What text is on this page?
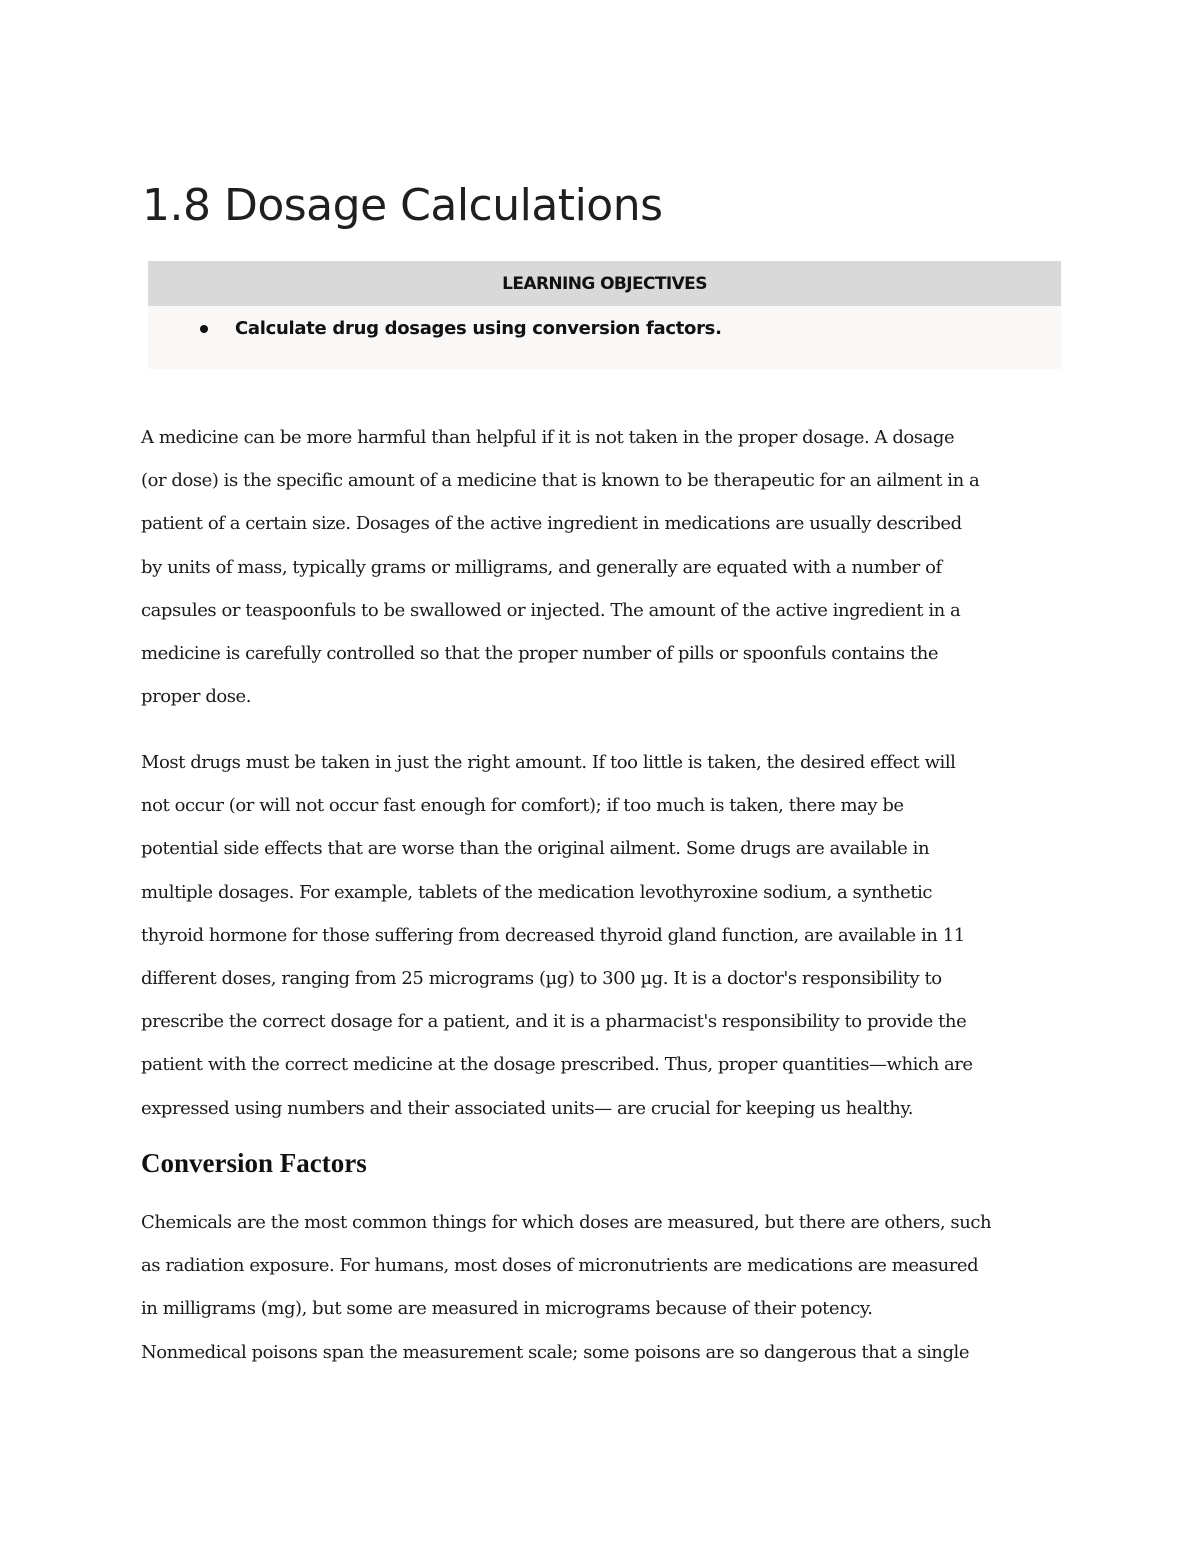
1.8 Dosage Calculations
LEARNING OBJECTIVES
Calculate drug dosages using conversion factors.
A medicine can be more harmful than helpful if it is not taken in the proper dosage. A dosage
(or dose) is the specific amount of a medicine that is known to be therapeutic for an ailment in a
patient of a certain size. Dosages of the active ingredient in medications are usually described
by units of mass, typically grams or milligrams, and generally are equated with a number of
capsules or teaspoonfuls to be swallowed or injected. The amount of the active ingredient in a
medicine is carefully controlled so that the proper number of pills or spoonfuls contains the
proper dose.
Most drugs must be taken in just the right amount. If too little is taken, the desired effect will
not occur (or will not occur fast enough for comfort); if too much is taken, there may be
potential side effects that are worse than the original ailment. Some drugs are available in
multiple dosages. For example, tablets of the medication levothyroxine sodium, a synthetic
thyroid hormone for those suffering from decreased thyroid gland function, are available in 11
different doses, ranging from 25 micrograms (µg) to 300 µg. It is a doctor's responsibility to
prescribe the correct dosage for a patient, and it is a pharmacist's responsibility to provide the
patient with the correct medicine at the dosage prescribed. Thus, proper quantities—which are
expressed using numbers and their associated units— are crucial for keeping us healthy.
Conversion Factors
Chemicals are the most common things for which doses are measured, but there are others, such
as radiation exposure. For humans, most doses of micronutrients are medications are measured
in milligrams (mg), but some are measured in micrograms because of their potency.
Nonmedical poisons span the measurement scale; some poisons are so dangerous that a single
